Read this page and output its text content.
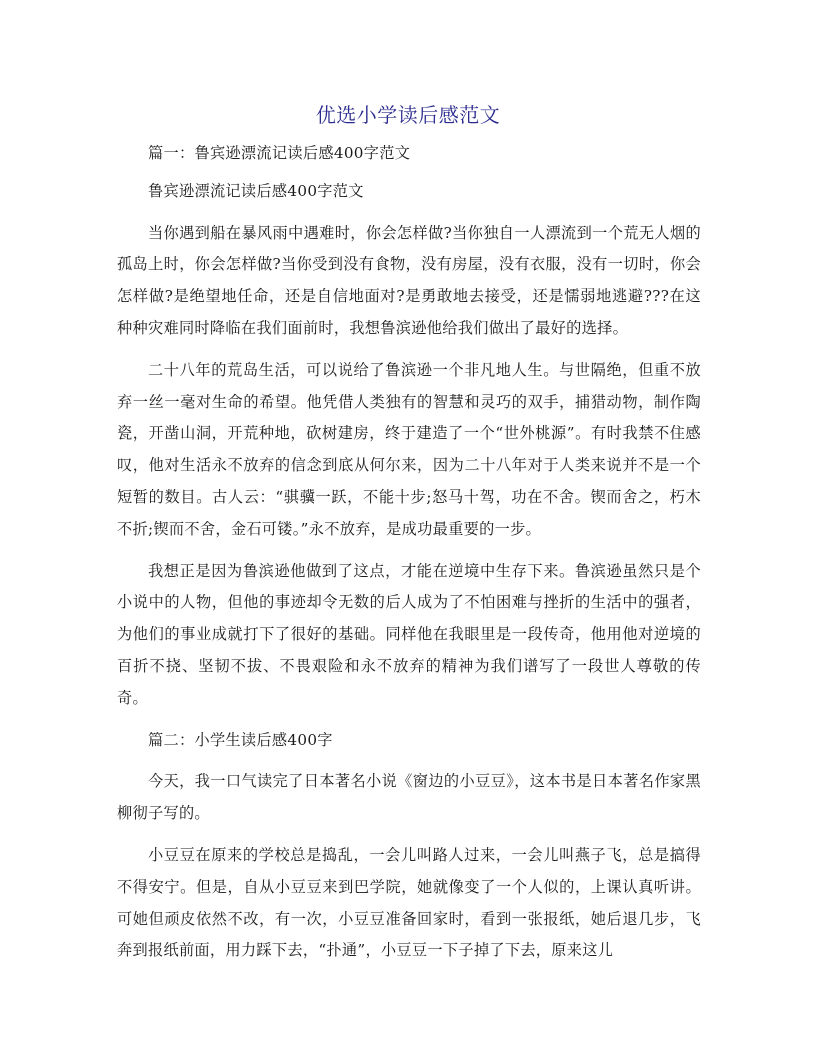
优选小学读后感范文

篇一：鲁宾逊漂流记读后感400字范文

鲁宾逊漂流记读后感400字范文

当你遇到船在暴风雨中遇难时，你会怎样做?当你独自一人漂流到一个荒无人烟的孤岛上时，你会怎样做?当你受到没有食物，没有房屋，没有衣服，没有一切时，你会怎样做?是绝望地任命，还是自信地面对?是勇敢地去接受，还是懦弱地逃避???在这种种灾难同时降临在我们面前时，我想鲁滨逊他给我们做出了最好的选择。

二十八年的荒岛生活，可以说给了鲁滨逊一个非凡地人生。与世隔绝，但重不放弃一丝一毫对生命的希望。他凭借人类独有的智慧和灵巧的双手，捕猎动物，制作陶瓷，开凿山洞，开荒种地，砍树建房，终于建造了一个“世外桃源”。有时我禁不住感叹，他对生活永不放弃的信念到底从何尔来，因为二十八年对于人类来说并不是一个短暂的数目。古人云：“骐骥一跃，不能十步;怒马十驾，功在不舍。锲而舍之，朽木不折;锲而不舍，金石可镂。”永不放弃，是成功最重要的一步。

我想正是因为鲁滨逊他做到了这点，才能在逆境中生存下来。鲁滨逊虽然只是个小说中的人物，但他的事迹却令无数的后人成为了不怕困难与挫折的生活中的强者，为他们的事业成就打下了很好的基础。同样他在我眼里是一段传奇，他用他对逆境的百折不挠、坚韧不拔、不畏艰险和永不放弃的精神为我们谱写了一段世人尊敬的传奇。

篇二：小学生读后感400字

今天，我一口气读完了日本著名小说《窗边的小豆豆》，这本书是日本著名作家黑柳彻子写的。

小豆豆在原来的学校总是捣乱，一会儿叫路人过来，一会儿叫燕子飞，总是搞得不得安宁。但是，自从小豆豆来到巴学院，她就像变了一个人似的，上课认真听讲。可她但顽皮依然不改，有一次，小豆豆准备回家时，看到一张报纸，她后退几步，飞奔到报纸前面，用力踩下去，“扑通”，小豆豆一下子掉了下去，原来这儿
